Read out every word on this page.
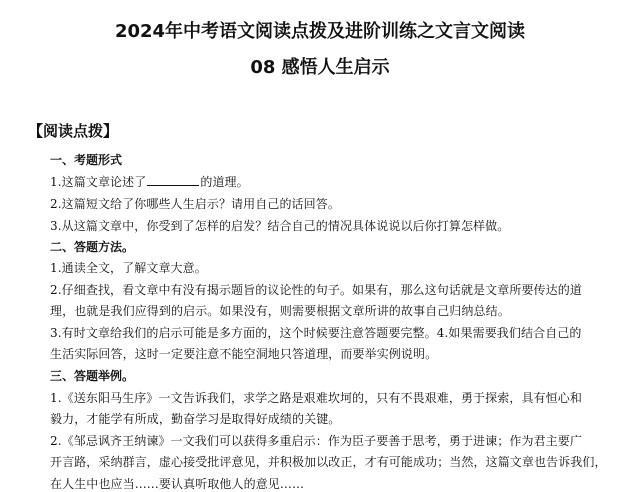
2024年中考语文阅读点拨及进阶训练之文言文阅读
08 感悟人生启示
【阅读点拨】
一、考题形式
1.这篇文章论述了	的道理。
2.这篇短文给了你哪些人生启示？请用自己的话回答。
3.从这篇文章中，你受到了怎样的启发？结合自己的情况具体说说以后你打算怎样做。
二、答题方法。
1.通读全文，了解文章大意。
2.仔细查找，看文章中有没有揭示题旨的议论性的句子。如果有，那么这句话就是文章所要传达的道
理，也就是我们应得到的启示。如果没有，则需要根据文章所讲的故事自己归纳总结。
3.有时文章给我们的启示可能是多方面的，这个时候要注意答题要完整。4.如果需要我们结合自己的
生活实际回答，这时一定要注意不能空洞地只答道理，而要举实例说明。
三、答题举例。
1.《送东阳马生序》一文告诉我们，求学之路是艰难坎坷的，只有不畏艰难，勇于探索，具有恒心和
毅力，才能学有所成，勤奋学习是取得好成绩的关键。
2.《邹忌讽齐王纳谏》一文我们可以获得多重启示：作为臣子要善于思考，勇于进谏；作为君主要广
开言路，采纳群言，虚心接受批评意见，并积极加以改正，才有可能成功；当然，这篇文章也告诉我们，
在人生中也应当……要认真听取他人的意见……
